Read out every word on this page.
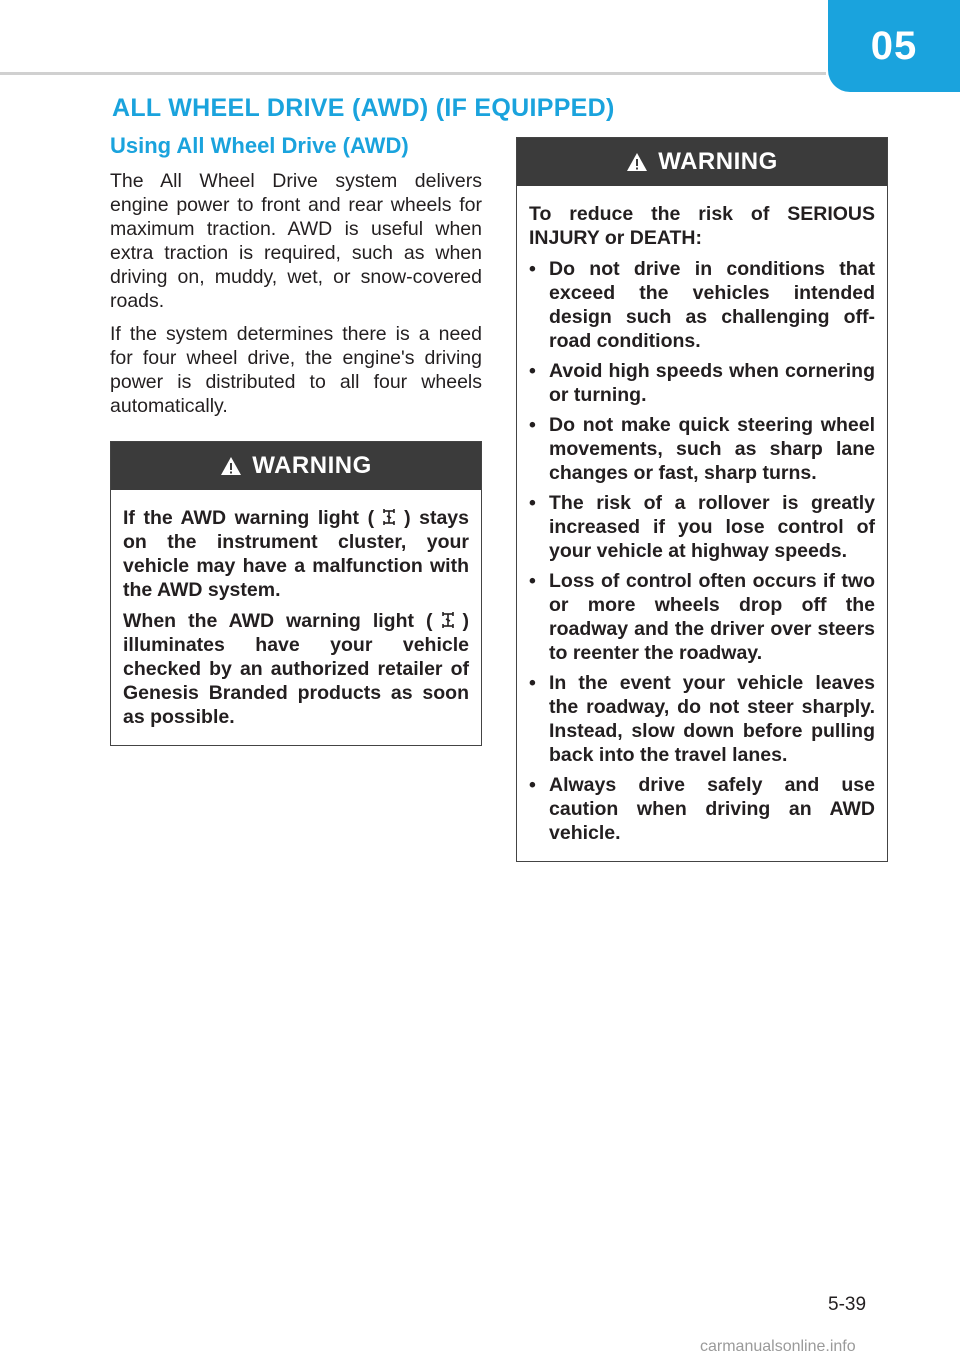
05
ALL WHEEL DRIVE (AWD) (IF EQUIPPED)
Using All Wheel Drive (AWD)

The All Wheel Drive system delivers engine power to front and rear wheels for maximum traction. AWD is useful when extra traction is required, such as when driving on, muddy, wet, or snow-covered roads.

If the system determines there is a need for four wheel drive, the engine's driving power is distributed to all four wheels automatically.

WARNING

If the AWD warning light ( ) stays on the instrument cluster, your vehicle may have a malfunction with the AWD system.

When the AWD warning light ( ) illuminates have your vehicle checked by an authorized retailer of Genesis Branded products as soon as possible.

WARNING

To reduce the risk of SERIOUS INJURY or DEATH:

• Do not drive in conditions that exceed the vehicles intended design such as challenging off-road conditions.
• Avoid high speeds when cornering or turning.
• Do not make quick steering wheel movements, such as sharp lane changes or fast, sharp turns.
• The risk of a rollover is greatly increased if you lose control of your vehicle at highway speeds.
• Loss of control often occurs if two or more wheels drop off the roadway and the driver over steers to reenter the roadway.
• In the event your vehicle leaves the roadway, do not steer sharply. Instead, slow down before pulling back into the travel lanes.
• Always drive safely and use caution when driving an AWD vehicle.
5-39
carmanualsonline.info
